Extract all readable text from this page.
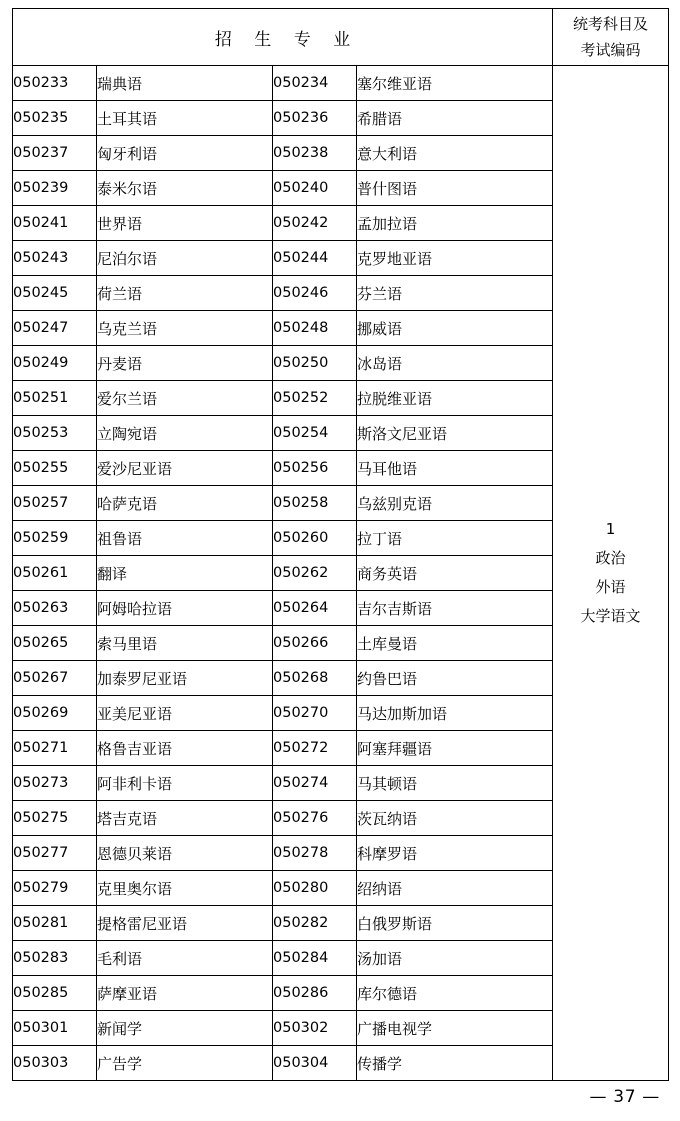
招 生 专 业				统考科目及
考试编码

050233	瑞典语	050234	塞尔维亚语	1
政治
外语
大学语文

050235	土耳其语	050236	希腊语	
050237	匈牙利语	050238	意大利语	
050239	泰米尔语	050240	普什图语	
050241	世界语	050242	孟加拉语	
050243	尼泊尔语	050244	克罗地亚语	
050245	荷兰语	050246	芬兰语	
050247	乌克兰语	050248	挪威语	
050249	丹麦语	050250	冰岛语	
050251	爱尔兰语	050252	拉脱维亚语	
050253	立陶宛语	050254	斯洛文尼亚语	
050255	爱沙尼亚语	050256	马耳他语	
050257	哈萨克语	050258	乌兹别克语	
050259	祖鲁语	050260	拉丁语	
050261	翻译	050262	商务英语	
050263	阿姆哈拉语	050264	吉尔吉斯语	
050265	索马里语	050266	土库曼语	
050267	加泰罗尼亚语	050268	约鲁巴语	
050269	亚美尼亚语	050270	马达加斯加语	
050271	格鲁吉亚语	050272	阿塞拜疆语	
050273	阿非利卡语	050274	马其顿语	
050275	塔吉克语	050276	茨瓦纳语	
050277	恩德贝莱语	050278	科摩罗语	
050279	克里奥尔语	050280	绍纳语	
050281	提格雷尼亚语	050282	白俄罗斯语	
050283	毛利语	050284	汤加语	
050285	萨摩亚语	050286	库尔德语	
050301	新闻学	050302	广播电视学	
050303	广告学	050304	传播学	
— 37 —
